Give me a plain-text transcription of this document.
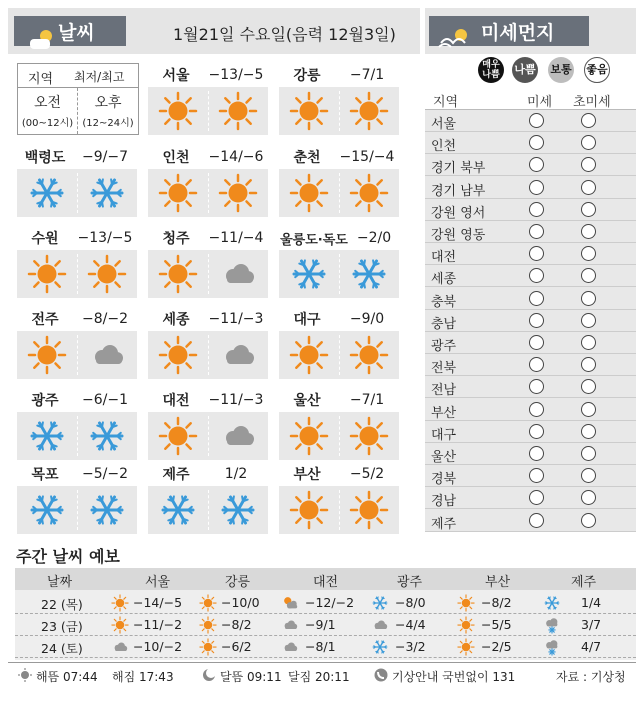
날씨	1월21일 수요일(음력 12월3일)	미세먼지
지역 최저/최고
오전
(00~12시)
오후
(12~24시)
서울	−13/−5	강릉	−7/1
백령도	−9/−7	인천	−14/−6	춘천	−15/−4
수원	−13/−5	청주	−11/−4	울릉도·독도 −2/0
전주	−8/−2	세종	−11/−3	대구	−9/0
광주	−6/−1	대전	−11/−3	울산	−7/1
목포	−5/−2	제주	1/2	부산	−5/2
매우나쁨	나쁨 보통 좋음
지역	미세 초미세
서울
인천
경기 북부
경기 남부
강원 영서
강원 영동
대전
세종
충북
충남
광주
전북
전남
부산
대구
울산
경북
경남
제주
주간 날씨 예보
날짜	서울	강릉	대전	광주	부산	제주
22 (목)	−14/−5	−10/0	−12/−2	−8/0	−8/2	1/4
23 (금)	−11/−2	−8/2	−9/1	−4/4	−5/5	3/7
24 (토)	−10/−2	−6/2	−8/1	−3/2	−2/5	4/7
해뜸 07:44 해짐 17:43	달뜸 09:11 달짐 20:11	기상안내 국번없이 131	자료 : 기상청
